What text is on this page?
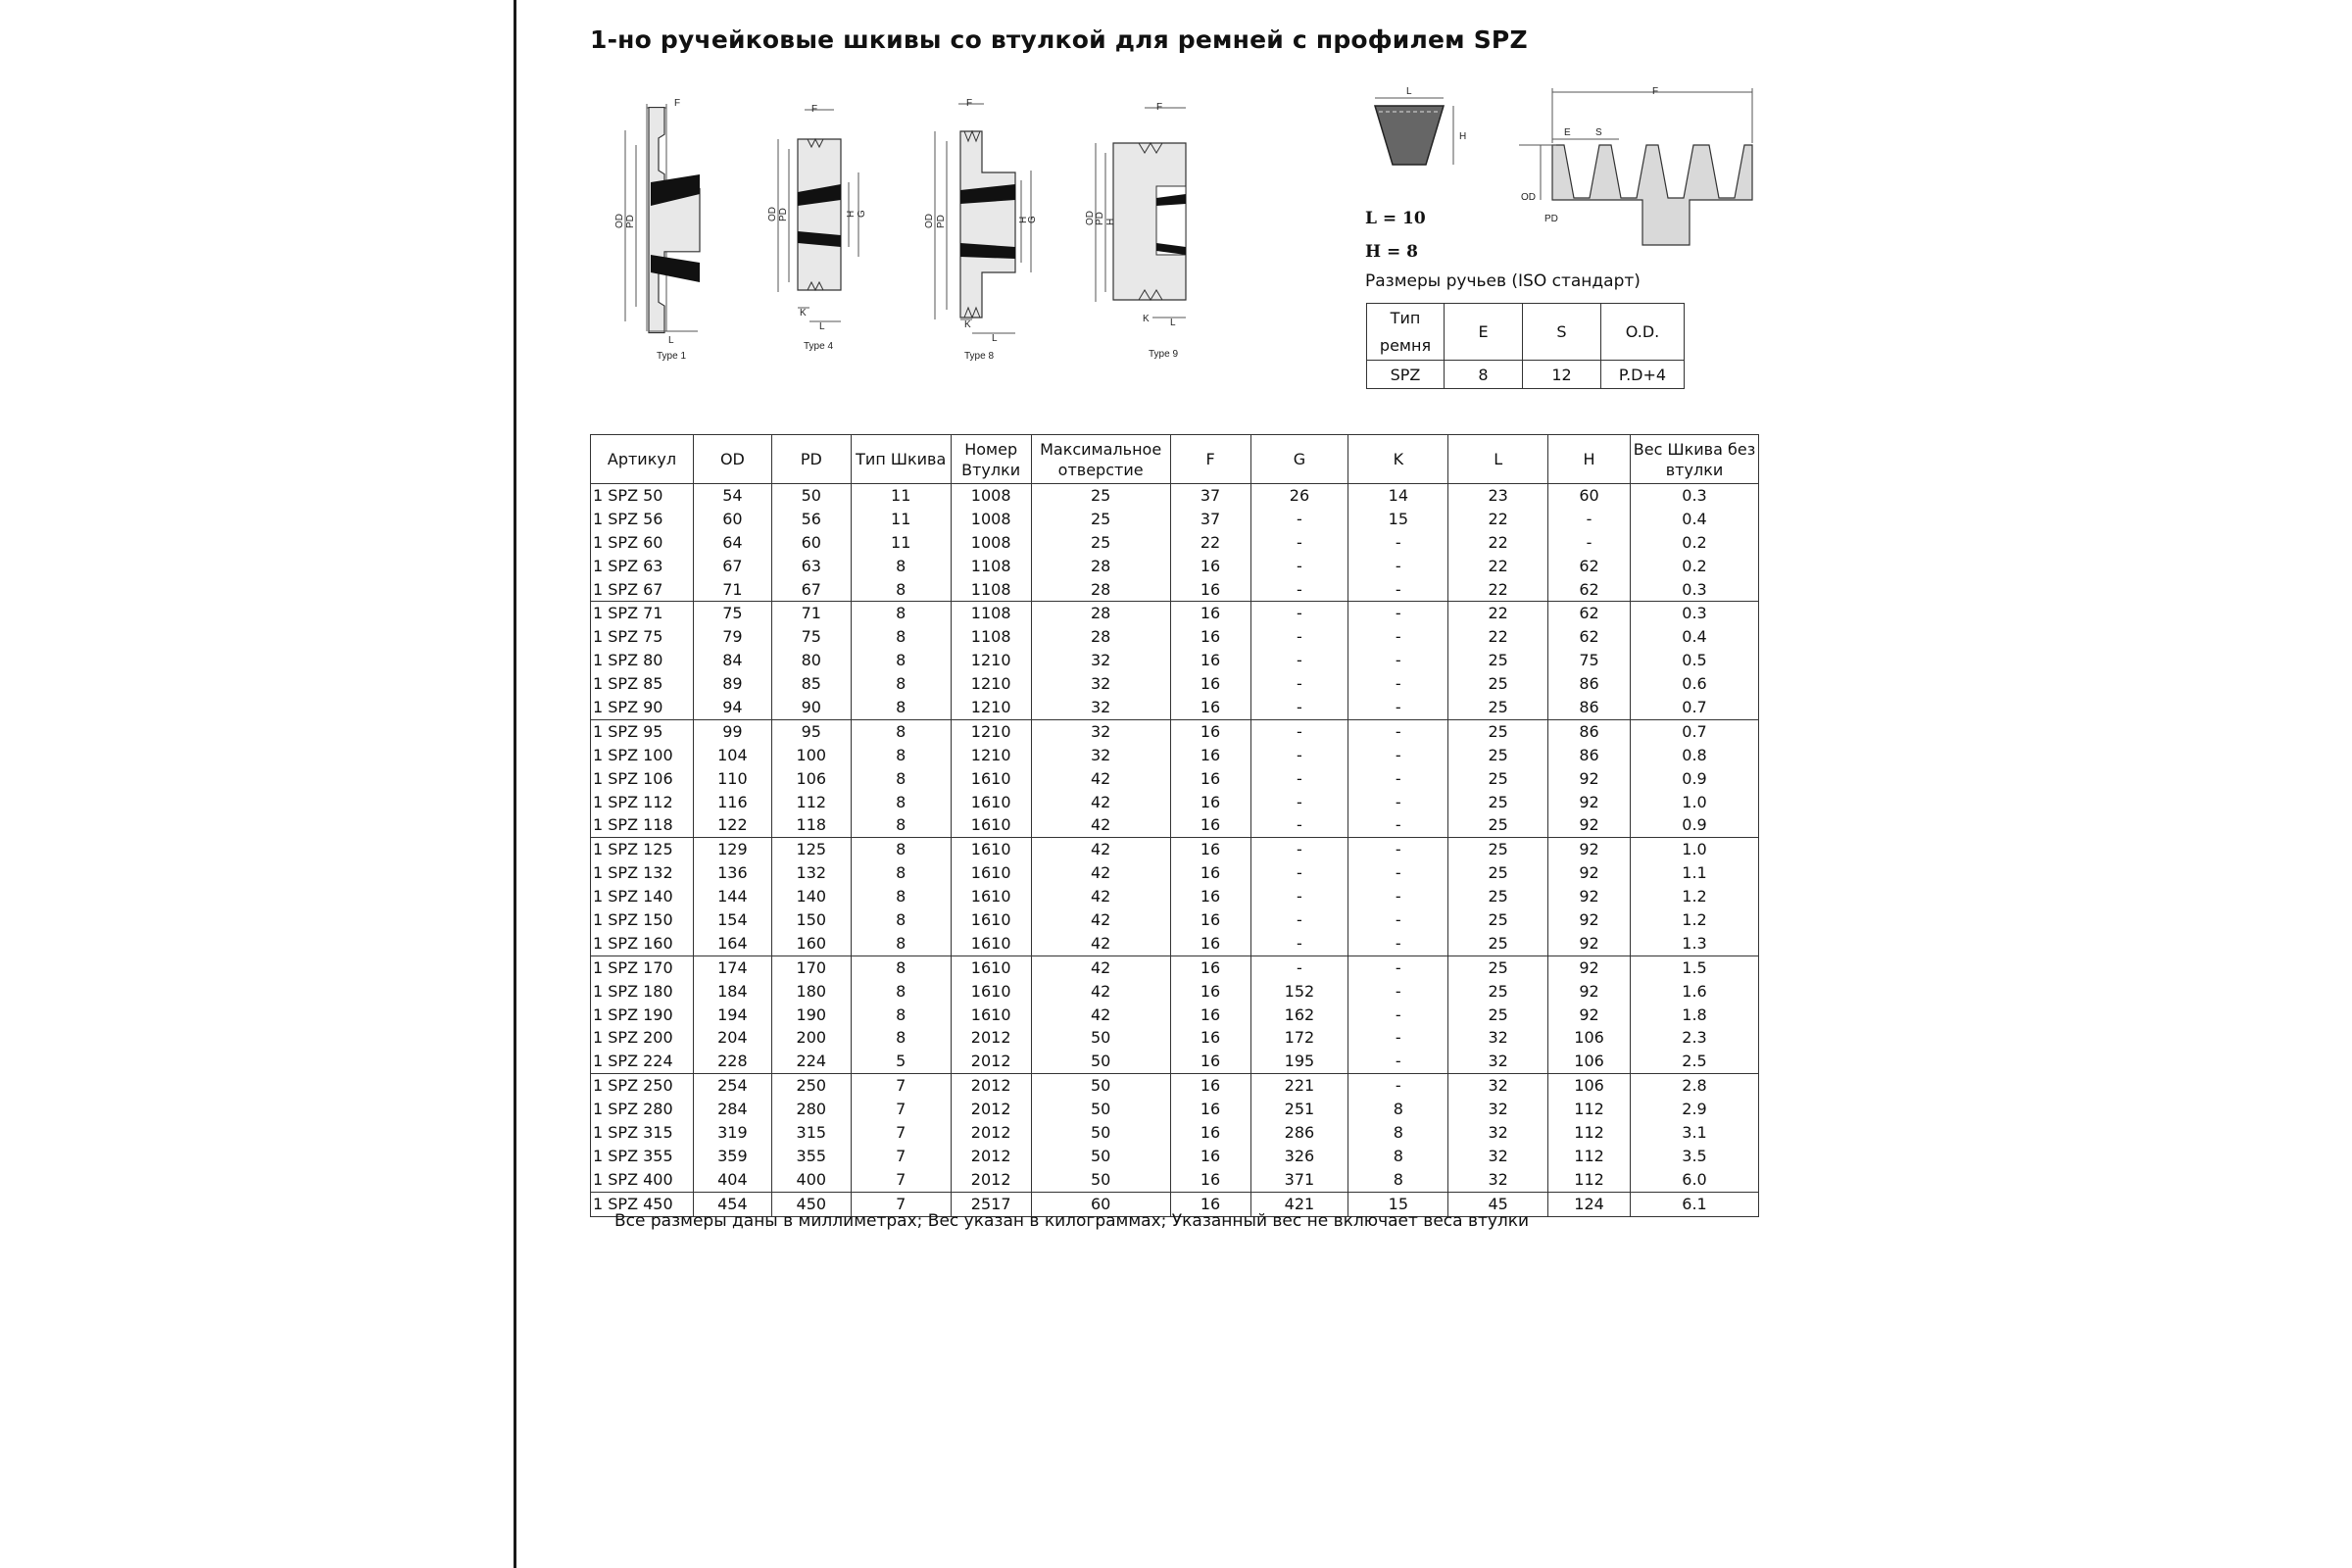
1-но ручейковые шкивы со втулкой для ремней с профилем SPZ
F
OD PD
L
Type 1
F
OD PD	H G
K
L
Type 4
F
OD PD	H
G
K
L
Type 8
F
OD PD H
K L
Type 9
L
H
L = 10
H = 8
F
E	S
OD
PD
Размеры ручьев (ISO стандарт)
Тип ремня	E	S	O.D.
SPZ	8	12	P.D+4
Артикул	OD	PD	Тип Шкива	Номер Втулки	Максимальное отверстие	F	G	K	L	H	Вес Шкива без втулки
1 SPZ 50	54	50	11	1008	25	37	26	14	23	60	0.3
1 SPZ 56	60	56	11	1008	25	37	-	15	22	-	0.4
1 SPZ 60	64	60	11	1008	25	22	-	-	22	-	0.2
1 SPZ 63	67	63	8	1108	28	16	-	-	22	62	0.2
1 SPZ 67	71	67	8	1108	28	16	-	-	22	62	0.3
1 SPZ 71	75	71	8	1108	28	16	-	-	22	62	0.3
1 SPZ 75	79	75	8	1108	28	16	-	-	22	62	0.4
1 SPZ 80	84	80	8	1210	32	16	-	-	25	75	0.5
1 SPZ 85	89	85	8	1210	32	16	-	-	25	86	0.6
1 SPZ 90	94	90	8	1210	32	16	-	-	25	86	0.7
1 SPZ 95	99	95	8	1210	32	16	-	-	25	86	0.7
1 SPZ 100	104	100	8	1210	32	16	-	-	25	86	0.8
1 SPZ 106	110	106	8	1610	42	16	-	-	25	92	0.9
1 SPZ 112	116	112	8	1610	42	16	-	-	25	92	1.0
1 SPZ 118	122	118	8	1610	42	16	-	-	25	92	0.9
1 SPZ 125	129	125	8	1610	42	16	-	-	25	92	1.0
1 SPZ 132	136	132	8	1610	42	16	-	-	25	92	1.1
1 SPZ 140	144	140	8	1610	42	16	-	-	25	92	1.2
1 SPZ 150	154	150	8	1610	42	16	-	-	25	92	1.2
1 SPZ 160	164	160	8	1610	42	16	-	-	25	92	1.3
1 SPZ 170	174	170	8	1610	42	16	-	-	25	92	1.5
1 SPZ 180	184	180	8	1610	42	16	152	-	25	92	1.6
1 SPZ 190	194	190	8	1610	42	16	162	-	25	92	1.8
1 SPZ 200	204	200	8	2012	50	16	172	-	32	106	2.3
1 SPZ 224	228	224	5	2012	50	16	195	-	32	106	2.5
1 SPZ 250	254	250	7	2012	50	16	221	-	32	106	2.8
1 SPZ 280	284	280	7	2012	50	16	251	8	32	112	2.9
1 SPZ 315	319	315	7	2012	50	16	286	8	32	112	3.1
1 SPZ 355	359	355	7	2012	50	16	326	8	32	112	3.5
1 SPZ 400	404	400	7	2012	50	16	371	8	32	112	6.0
1 SPZ 450	454	450	7	2517	60	16	421	15	45	124	6.1
Все размеры даны в миллиметрах; Вес указан в килограммах; Указанный вес не включает веса втулки
